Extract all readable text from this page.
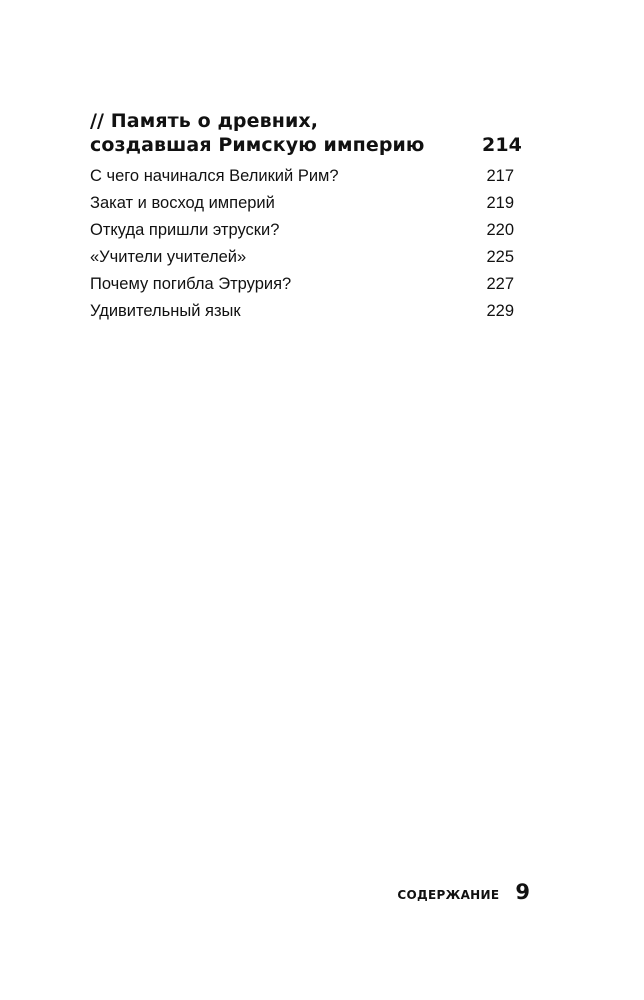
// Память о древних,
создавшая Римскую империю	214
С чего начинался Великий Рим?	217
Закат и восход империй	219
Откуда пришли этруски?	220
«Учители учителей»	225
Почему погибла Этрурия?	227
Удивительный язык	229
СОДЕРЖАНИЕ 9
